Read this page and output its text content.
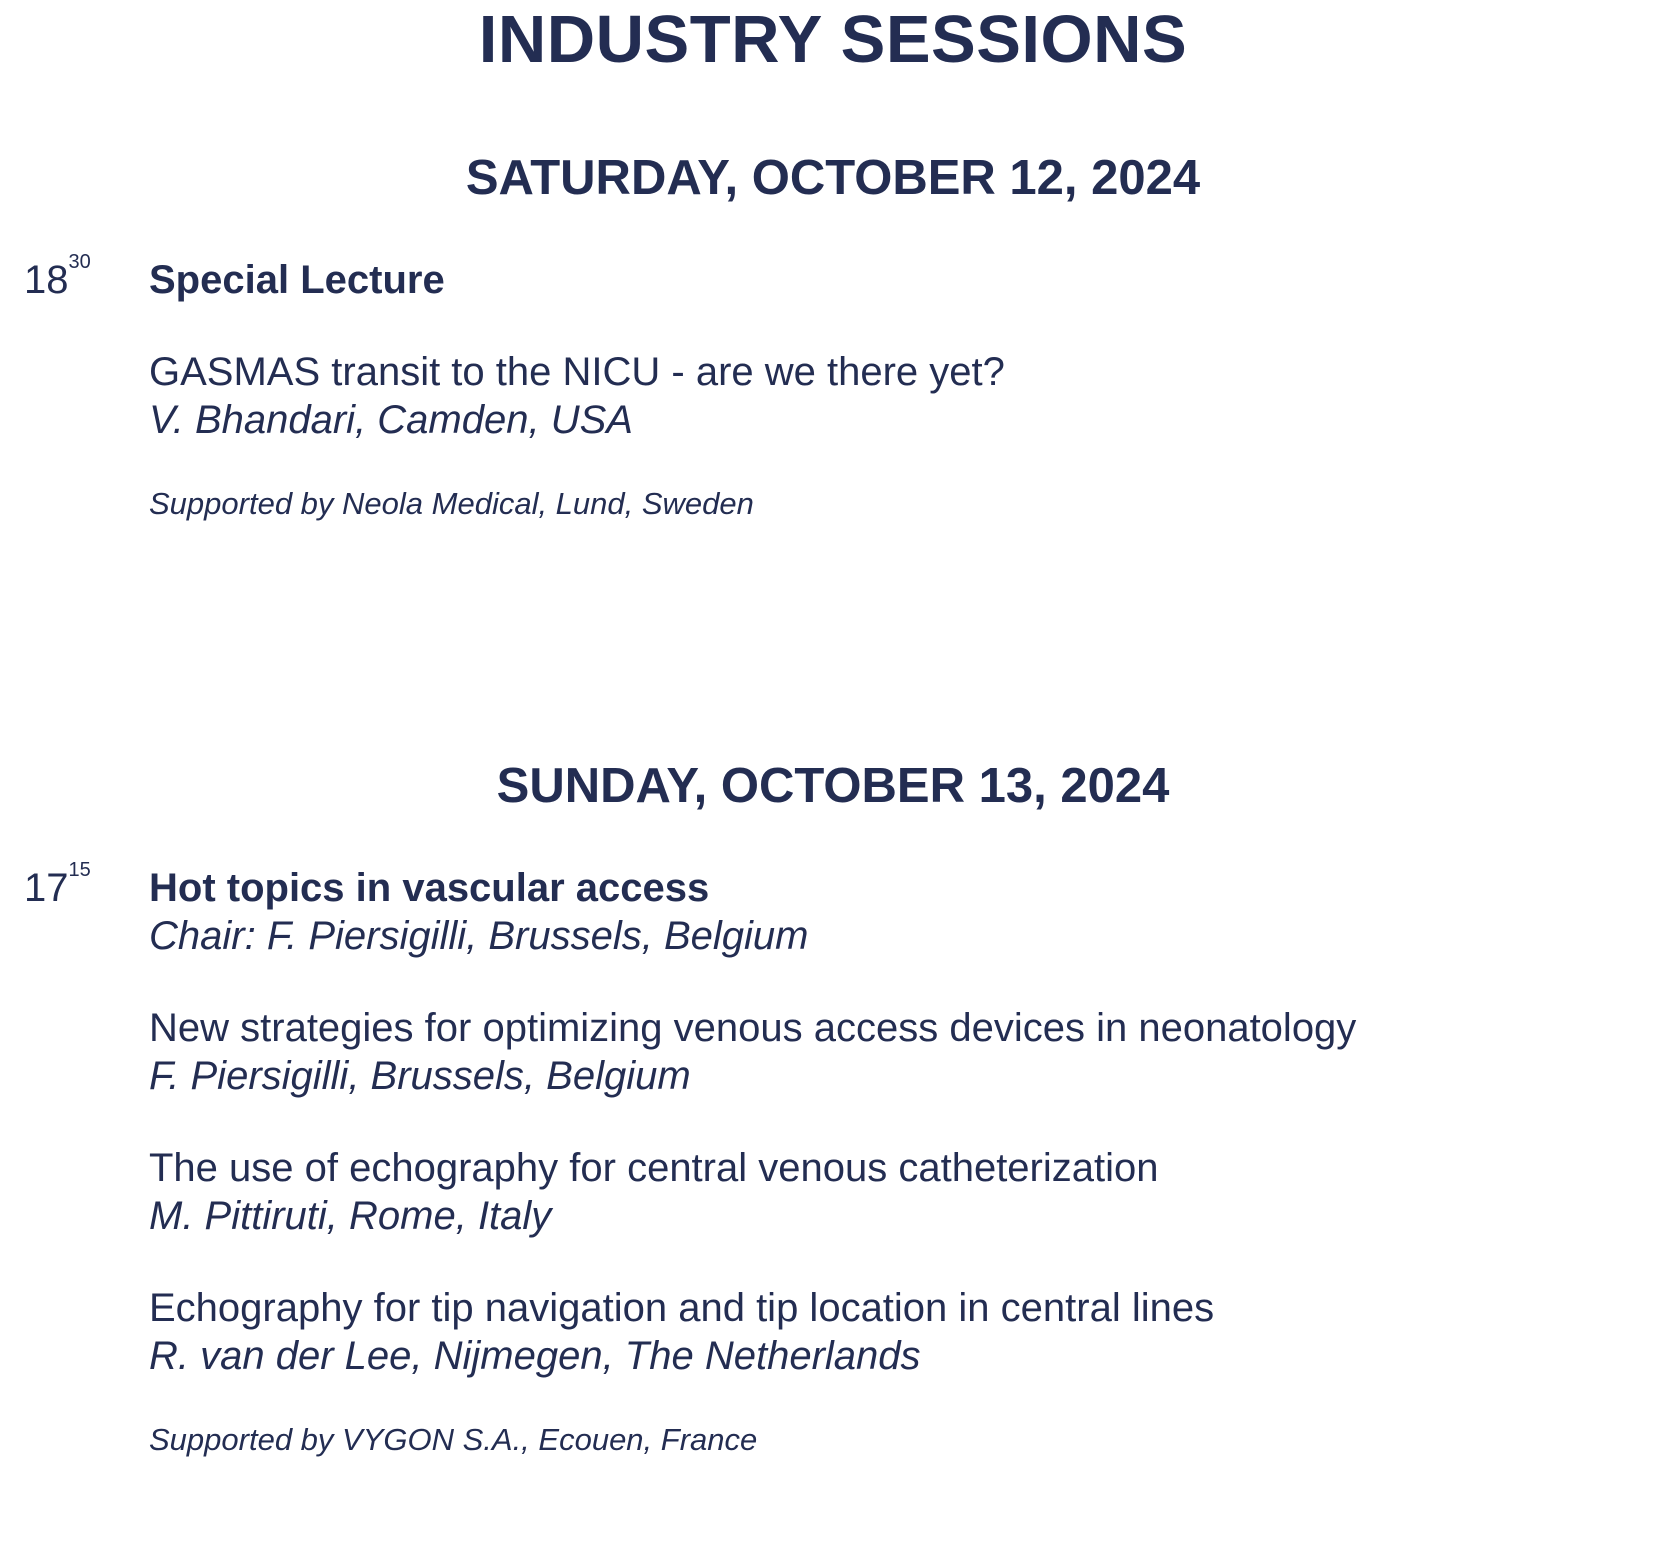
INDUSTRY SESSIONS
SATURDAY, OCTOBER 12, 2024
$18^{30}$ Special Lecture

GASMAS transit to the NICU - are we there yet?

V. Bhandari, Camden, USA

Supported by Neola Medical, Lund, Sweden

SUNDAY, OCTOBER 13, 2024
$17^{15}$ Hot topics in vascular access

Chair: F. Piersigilli, Brussels, Belgium

New strategies for optimizing venous access devices in neonatology

F. Piersigilli, Brussels, Belgium

The use of echography for central venous catheterization

M. Pittiruti, Rome, Italy

Echography for tip navigation and tip location in central lines

R. van der Lee, Nijmegen, The Netherlands

Supported by VYGON S.A., Ecouen, France
